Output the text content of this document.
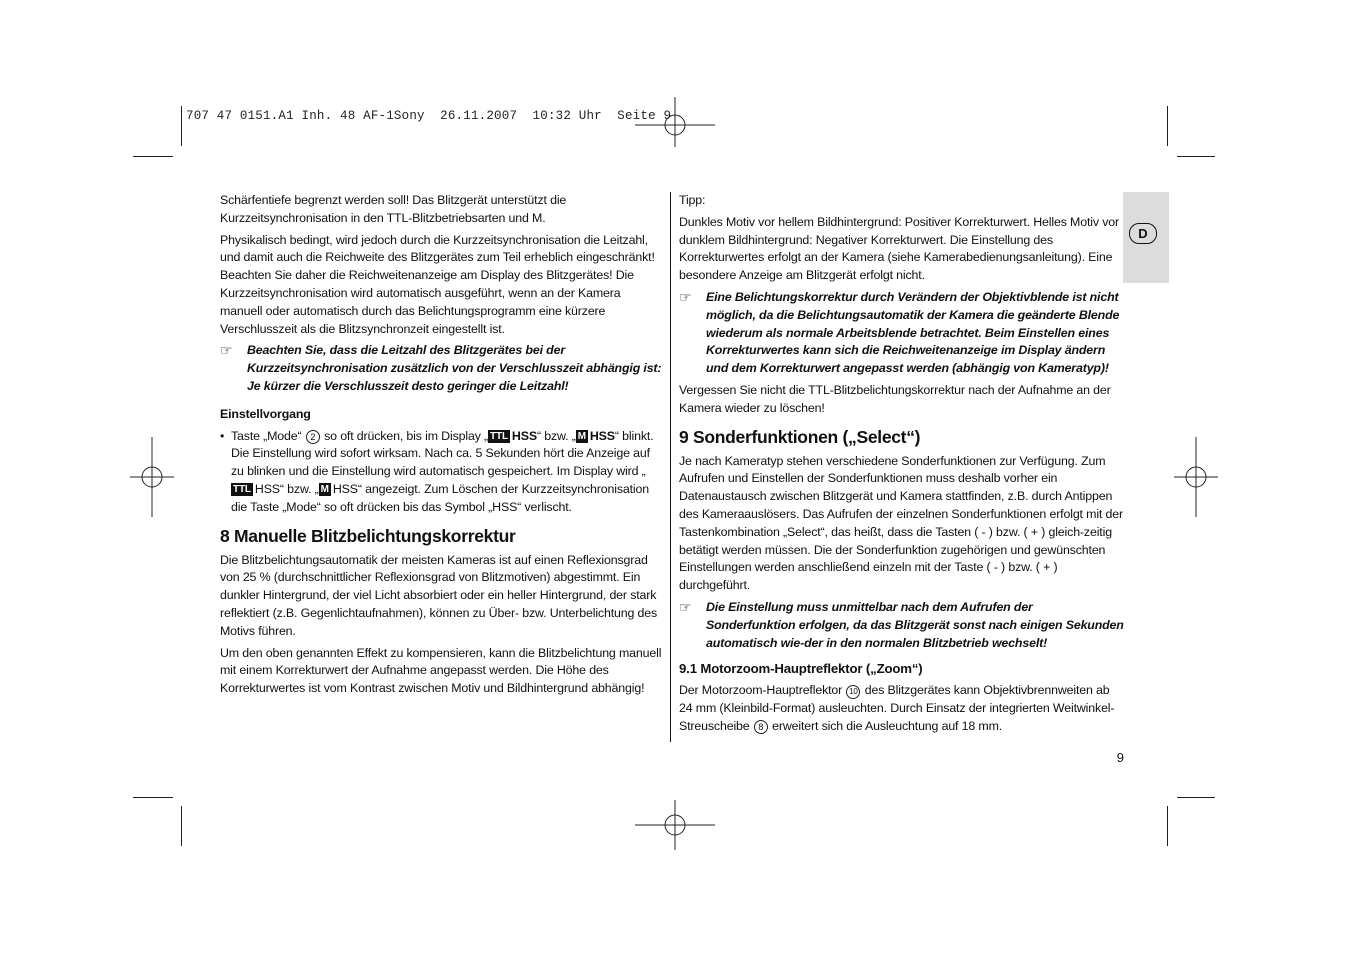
707 47 0151.A1 Inh. 48 AF-1Sony  26.11.2007  10:32 Uhr  Seite 9
D

Schärfentiefe begrenzt werden soll! Das Blitzgerät unterstützt die Kurzzeitsynchronisation in den TTL-Blitzbetriebsarten und M.

Physikalisch bedingt, wird jedoch durch die Kurzzeitsynchronisation die Leitzahl, und damit auch die Reichweite des Blitzgerätes zum Teil erheblich eingeschränkt! Beachten Sie daher die Reichweitenanzeige am Display des Blitzgerätes! Die Kurzzeitsynchronisation wird automatisch ausgeführt, wenn an der Kamera manuell oder automatisch durch das Belichtungsprogramm eine kürzere Verschlusszeit als die Blitzsynchronzeit eingestellt ist.

☞	Beachten Sie, dass die Leitzahl des Blitzgerätes bei der Kurzzeitsynchronisation zusätzlich von der Verschlusszeit abhängig ist: Je kürzer die Verschlusszeit desto geringer die Leitzahl!
Einstellvorgang
• Taste „Mode“ 2 so oft drücken, bis im Display „ TTL HSS“ bzw. „ M HSS“ blinkt.
Die Einstellung wird sofort wirksam. Nach ca. 5 Sekunden hört die Anzeige auf zu blinken und die Einstellung wird automatisch gespeichert. Im Display wird „TTL HSS“ bzw. „ M HSS“ angezeigt. Zum Löschen der Kurzzeitsynchronisation die Taste „Mode“ so oft drücken bis das Symbol „HSS“ verlischt.
8 Manuelle Blitzbelichtungskorrektur

Die Blitzbelichtungsautomatik der meisten Kameras ist auf einen Reflexionsgrad von 25 % (durchschnittlicher Reflexionsgrad von Blitzmotiven) abgestimmt. Ein dunkler Hintergrund, der viel Licht absorbiert oder ein heller Hintergrund, der stark reflektiert (z.B. Gegenlichtaufnahmen), können zu Über- bzw. Unterbelichtung des Motivs führen.

Um den oben genannten Effekt zu kompensieren, kann die Blitzbelichtung manuell mit einem Korrekturwert der Aufnahme angepasst werden. Die Höhe des Korrekturwertes ist vom Kontrast zwischen Motiv und Bildhintergrund abhängig!

Tipp:

Dunkles Motiv vor hellem Bildhintergrund: Positiver Korrekturwert. Helles Motiv vor dunklem Bildhintergrund: Negativer Korrekturwert. Die Einstellung des Korrekturwertes erfolgt an der Kamera (siehe Kamerabedienungsanleitung). Eine besondere Anzeige am Blitzgerät erfolgt nicht.

☞	Eine Belichtungskorrektur durch Verändern der Objektivblende ist nicht möglich, da die Belichtungsautomatik der Kamera die geänderte Blende wiederum als normale Arbeitsblende betrachtet. Beim Einstellen eines Korrekturwertes kann sich die Reichweitenanzeige im Display ändern und dem Korrekturwert angepasst werden (abhängig von Kameratyp)!

Vergessen Sie nicht die TTL-Blitzbelichtungskorrektur nach der Aufnahme an der Kamera wieder zu löschen!

9 Sonderfunktionen („Select“)

Je nach Kameratyp stehen verschiedene Sonderfunktionen zur Verfügung. Zum Aufrufen und Einstellen der Sonderfunktionen muss deshalb vorher ein Datenaustausch zwischen Blitzgerät und Kamera stattfinden, z.B. durch Antippen des Kameraauslösers. Das Aufrufen der einzelnen Sonderfunktionen erfolgt mit der Tastenkombination „Select“, das heißt, dass die Tasten ( - ) bzw. ( + ) gleich-zeitig betätigt werden müssen. Die der Sonderfunktion zugehörigen und gewünschten Einstellungen werden anschließend einzeln mit der Taste ( - ) bzw. ( + ) durchgeführt.

☞	Die Einstellung muss unmittelbar nach dem Aufrufen der Sonderfunktion erfolgen, da das Blitzgerät sonst nach einigen Sekunden automatisch wie-der in den normalen Blitzbetrieb wechselt!
9.1 Motorzoom-Hauptreflektor („Zoom“)

Der Motorzoom-Hauptreflektor 10 des Blitzgerätes kann Objektivbrennweiten ab 24 mm (Kleinbild-Format) ausleuchten. Durch Einsatz der integrierten Weitwinkel-Streuscheibe 8 erweitert sich die Ausleuchtung auf 18 mm.

9
